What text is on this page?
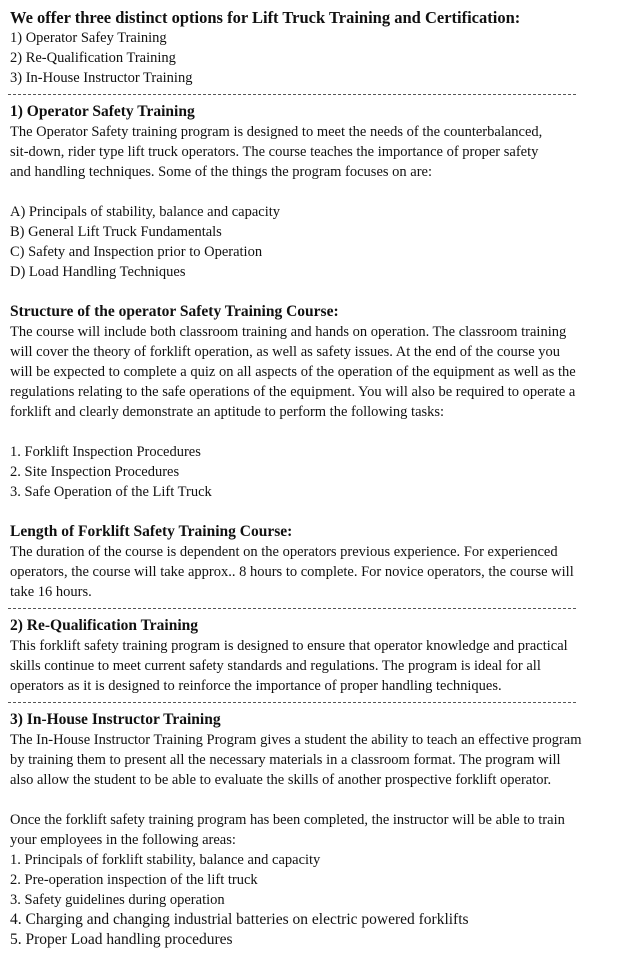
We offer three distinct options for Lift Truck Training and Certification:
1) Operator Safey Training
2) Re-Qualification Training
3) In-House Instructor Training
1) Operator Safety Training
The Operator Safety training program is designed to meet the needs of the counterbalanced,
sit-down, rider type lift truck operators. The course teaches the importance of proper safety
and handling techniques. Some of the things the program focuses on are:
A) Principals of stability, balance and capacity
B) General Lift Truck Fundamentals
C) Safety and Inspection prior to Operation
D) Load Handling Techniques
Structure of the operator Safety Training Course:
The course will include both classroom training and hands on operation. The classroom training
will cover the theory of forklift operation, as well as safety issues. At the end of the course you
will be expected to complete a quiz on all aspects of the operation of the equipment as well as the
regulations relating to the safe operations of the equipment. You will also be required to operate a
forklift and clearly demonstrate an aptitude to perform the following tasks:
1. Forklift Inspection Procedures
2. Site Inspection Procedures
3. Safe Operation of the Lift Truck
Length of Forklift Safety Training Course:
The duration of the course is dependent on the operators previous experience. For experienced
operators, the course will take approx.. 8 hours to complete. For novice operators, the course will
take 16 hours.
2) Re-Qualification Training
This forklift safety training program is designed to ensure that operator knowledge and practical
skills continue to meet current safety standards and regulations. The program is ideal for all
operators as it is designed to reinforce the importance of proper handling techniques.
3) In-House Instructor Training
The In-House Instructor Training Program gives a student the ability to teach an effective program
by training them to present all the necessary materials in a classroom format. The program will
also allow the student to be able to evaluate the skills of another prospective forklift operator.
Once the forklift safety training program has been completed, the instructor will be able to train
your employees in the following areas:
1. Principals of forklift stability, balance and capacity
2. Pre-operation inspection of the lift truck
3. Safety guidelines during operation
4. Charging and changing industrial batteries on electric powered forklifts
5. Proper Load handling procedures
